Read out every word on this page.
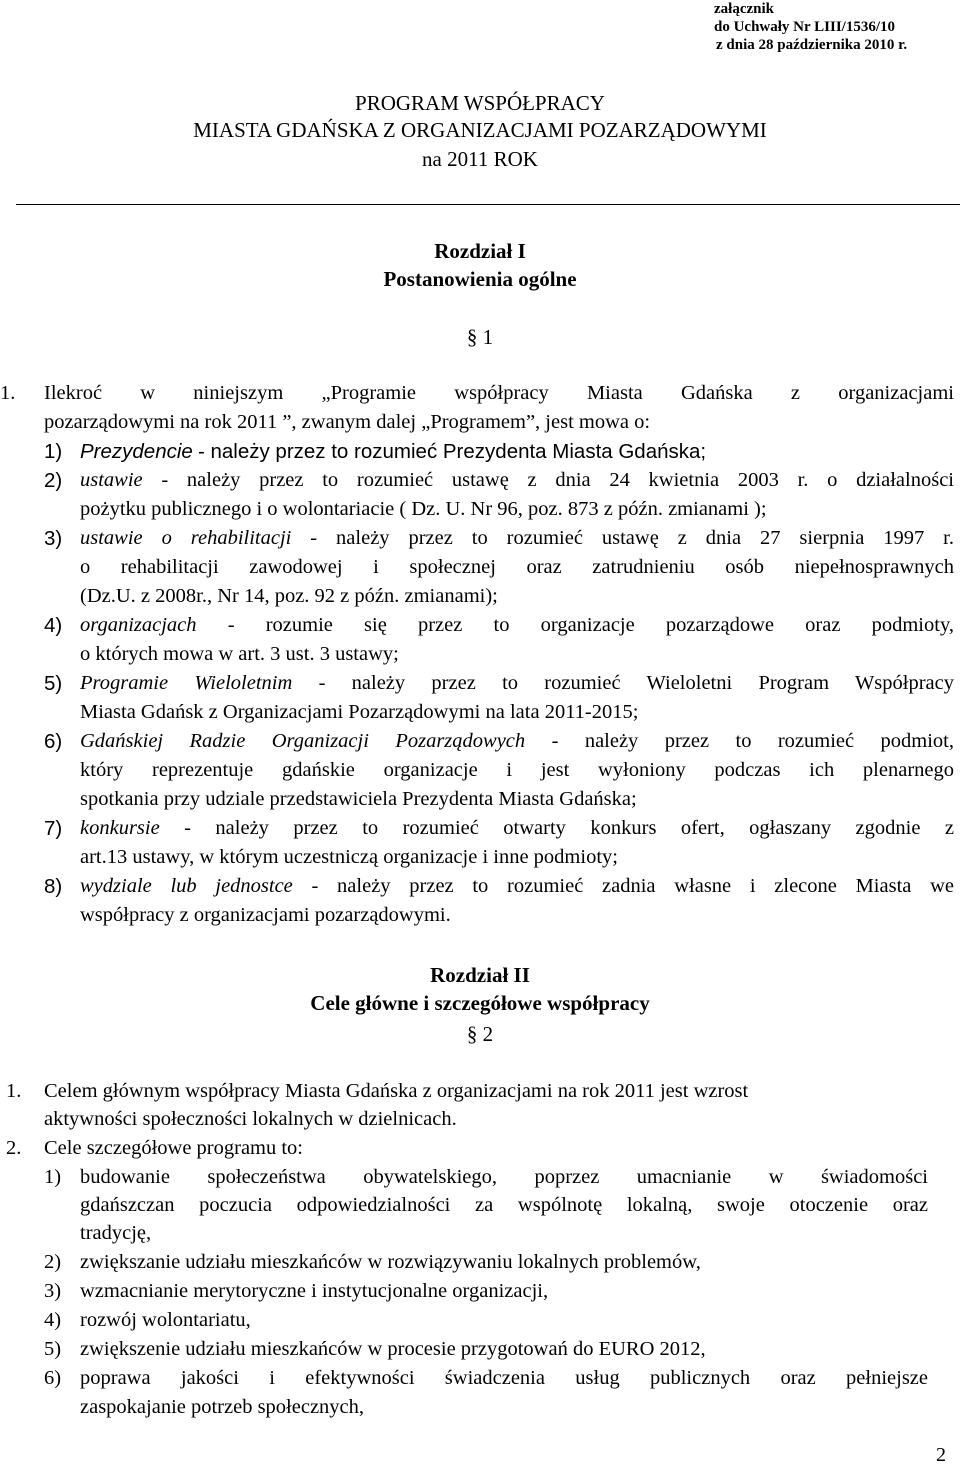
załącznik
do Uchwały Nr LIII/1536/10
z dnia 28 października 2010 r.
PROGRAM WSPÓŁPRACY
MIASTA GDAŃSKA Z ORGANIZACJAMI POZARZĄDOWYMI
na 2011 ROK
Rozdział I
Postanowienia ogólne
§ 1
1. Ilekroć w niniejszym „Programie współpracy Miasta Gdańska z organizacjami
pozarządowymi na rok 2011 ”, zwanym dalej „Programem”, jest mowa o:
1) Prezydencie - należy przez to rozumieć Prezydenta Miasta Gdańska;
2) ustawie - należy przez to rozumieć ustawę z dnia 24 kwietnia 2003 r. o działalności
pożytku publicznego i o wolontariacie ( Dz. U. Nr 96, poz. 873 z późn. zmianami );
3) ustawie o rehabilitacji - należy przez to rozumieć ustawę z dnia 27 sierpnia 1997 r.
o rehabilitacji zawodowej i społecznej oraz zatrudnieniu osób niepełnosprawnych
(Dz.U. z 2008r., Nr 14, poz. 92 z późn. zmianami);
4) organizacjach - rozumie się przez to organizacje pozarządowe oraz podmioty,
o których mowa w art. 3 ust. 3 ustawy;
5) Programie Wieloletnim - należy przez to rozumieć Wieloletni Program Współpracy
Miasta Gdańsk z Organizacjami Pozarządowymi na lata 2011-2015;
6) Gdańskiej Radzie Organizacji Pozarządowych - należy przez to rozumieć podmiot,
który reprezentuje gdańskie organizacje i jest wyłoniony podczas ich plenarnego
spotkania przy udziale przedstawiciela Prezydenta Miasta Gdańska;
7) konkursie - należy przez to rozumieć otwarty konkurs ofert, ogłaszany zgodnie z
art.13 ustawy, w którym uczestniczą organizacje i inne podmioty;
8) wydziale lub jednostce - należy przez to rozumieć zadnia własne i zlecone Miasta we
współpracy z organizacjami pozarządowymi.
Rozdział II
Cele główne i szczegółowe współpracy
§ 2
1. Celem głównym współpracy Miasta Gdańska z organizacjami na rok 2011 jest wzrost
aktywności społeczności lokalnych w dzielnicach.
2. Cele szczegółowe programu to:
1) budowanie społeczeństwa obywatelskiego, poprzez umacnianie w świadomości
gdańszczan poczucia odpowiedzialności za wspólnotę lokalną, swoje otoczenie oraz
tradycję,
2) zwiększanie udziału mieszkańców w rozwiązywaniu lokalnych problemów,
3) wzmacnianie merytoryczne i instytucjonalne organizacji,
4) rozwój wolontariatu,
5) zwiększenie udziału mieszkańców w procesie przygotowań do EURO 2012,
6) poprawa jakości i efektywności świadczenia usług publicznych oraz pełniejsze
zaspokajanie potrzeb społecznych,
2
